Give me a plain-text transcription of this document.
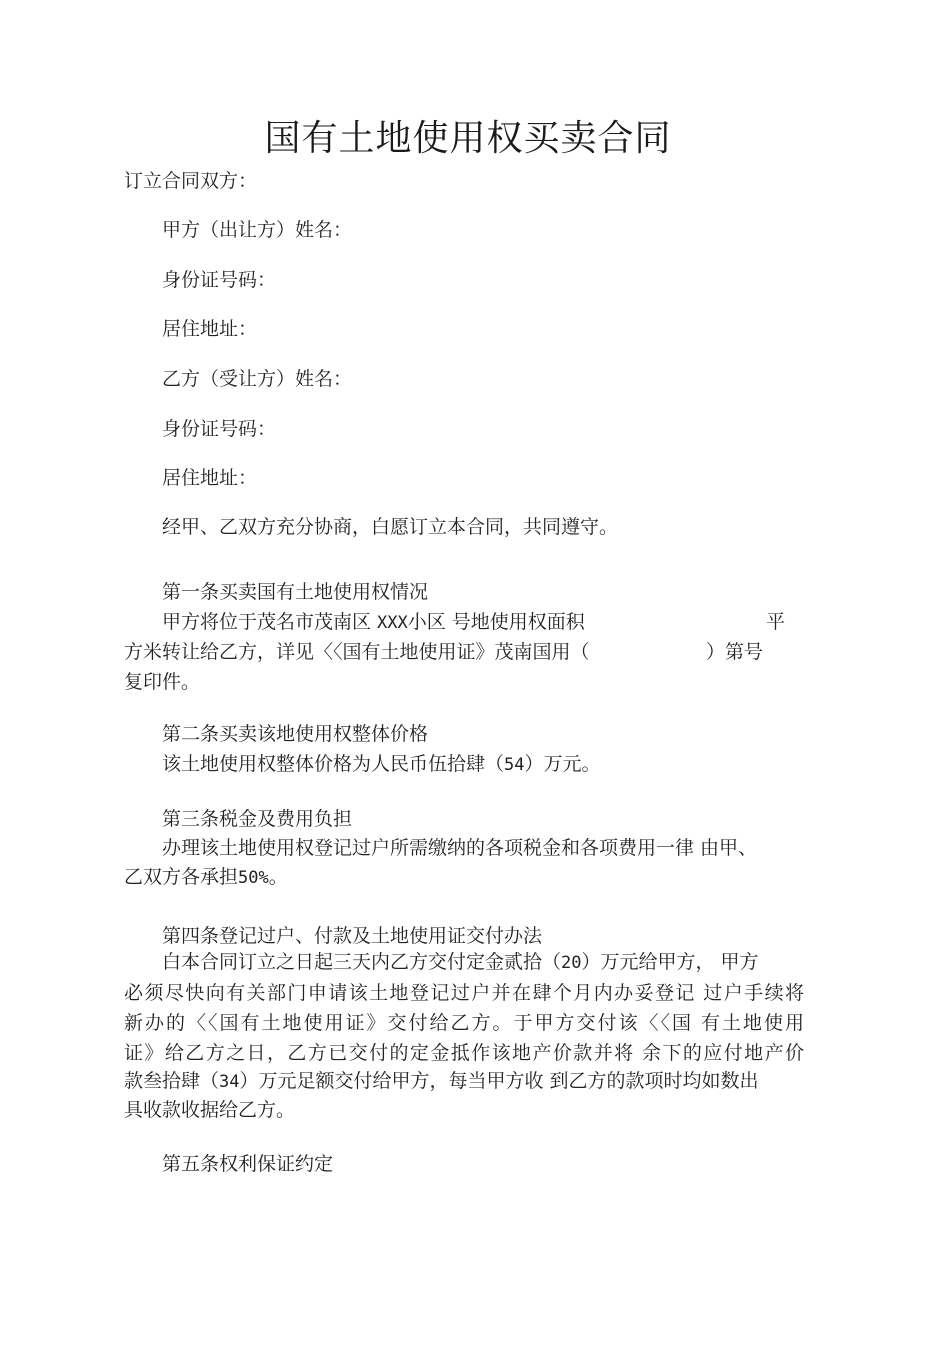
国有土地使用权买卖合同
订立合同双方：
甲方（出让方）姓名：
身份证号码：
居住地址：
乙方（受让方）姓名：
身份证号码：
居住地址：
经甲、乙双方充分协商，白愿订立本合同，共同遵守。
第一条买卖国有土地使用权情况
甲方将位于茂名市茂南区 XXX小区 号地使用权面积	平
方米转让给乙方，详见〈〈国有土地使用证》茂南国用（	）第号
复印件。
第二条买卖该地使用权整体价格
该土地使用权整体价格为人民币伍拾肆（54）万元。
第三条税金及费用负担
办理该土地使用权登记过户所需缴纳的各项税金和各项费用一律 由甲、
乙双方各承担50%。
第四条登记过户、付款及土地使用证交付办法
白本合同订立之日起三天内乙方交付定金贰拾（20）万元给甲方， 甲方
必须尽快向有关部门申请该土地登记过户并在肆个月内办妥登记 过户手续将
新办的〈〈国有土地使用证》交付给乙方。于甲方交付该〈〈国 有土地使用
证》给乙方之日，乙方已交付的定金抵作该地产价款并将 余下的应付地产价
款叁拾肆（34）万元足额交付给甲方，每当甲方收 到乙方的款项时均如数出
具收款收据给乙方。
第五条权利保证约定
